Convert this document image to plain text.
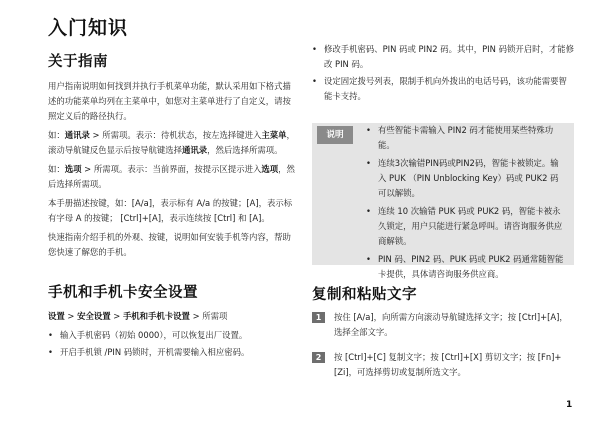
入门知识
关于指南

用户指南说明如何找到并执行手机菜单功能，默认采用如下格式描述的功能菜单均列在主菜单中，如您对主菜单进行了自定义，请按照定义后的路径执行。

如：通讯录 > 所需项。表示：待机状态，按左选择键进入主菜单，滚动导航键反色显示后按导航键选择通讯录，然后选择所需项。

如：选项 > 所需项。表示：当前界面，按提示区提示进入选项，然后选择所需项。

本手册描述按键，如：[A/a]，表示标有 A/a 的按键；[A]，表示标有字母 A 的按键； [Ctrl]+[A]，表示连续按 [Ctrl] 和 [A]。

快速指南介绍手机的外观、按键，说明如何安装手机等内容，帮助您快速了解您的手机。

手机和手机卡安全设置

设置 > 安全设置 > 手机和手机卡设置 > 所需项

• 输入手机密码（初始 0000），可以恢复出厂设置。
• 开启手机锁 /PIN 码锁时，开机需要输入相应密码。
• 修改手机密码、PIN 码或 PIN2 码。其中，PIN 码锁开启时，才能修改 PIN 码。
• 设定固定拨号列表，限制手机向外拨出的电话号码，该功能需要智能卡支持。
说明	• 有些智能卡需输入 PIN2 码才能使用某些特殊功能。
• 连续3次输错PIN码或PIN2码，智能卡被锁定。输入 PUK （PIN Unblocking Key）码或 PUK2 码可以解锁。
• 连续 10 次输错 PUK 码或 PUK2 码，智能卡被永久锁定，用户只能进行紧急呼叫。请咨询服务供应商解锁。
• PIN 码、PIN2 码、PUK 码或 PUK2 码通常随智能卡提供，具体请咨询服务供应商。
复制和粘贴文字
1	按住 [A/a]，向所需方向滚动导航键选择文字；按 [Ctrl]+[A]，选择全部文字。
2	按 [Ctrl]+[C] 复制文字；按 [Ctrl]+[X] 剪切文字；按 [Fn]+[Zi]，可选择剪切或复制所选文字。
1
